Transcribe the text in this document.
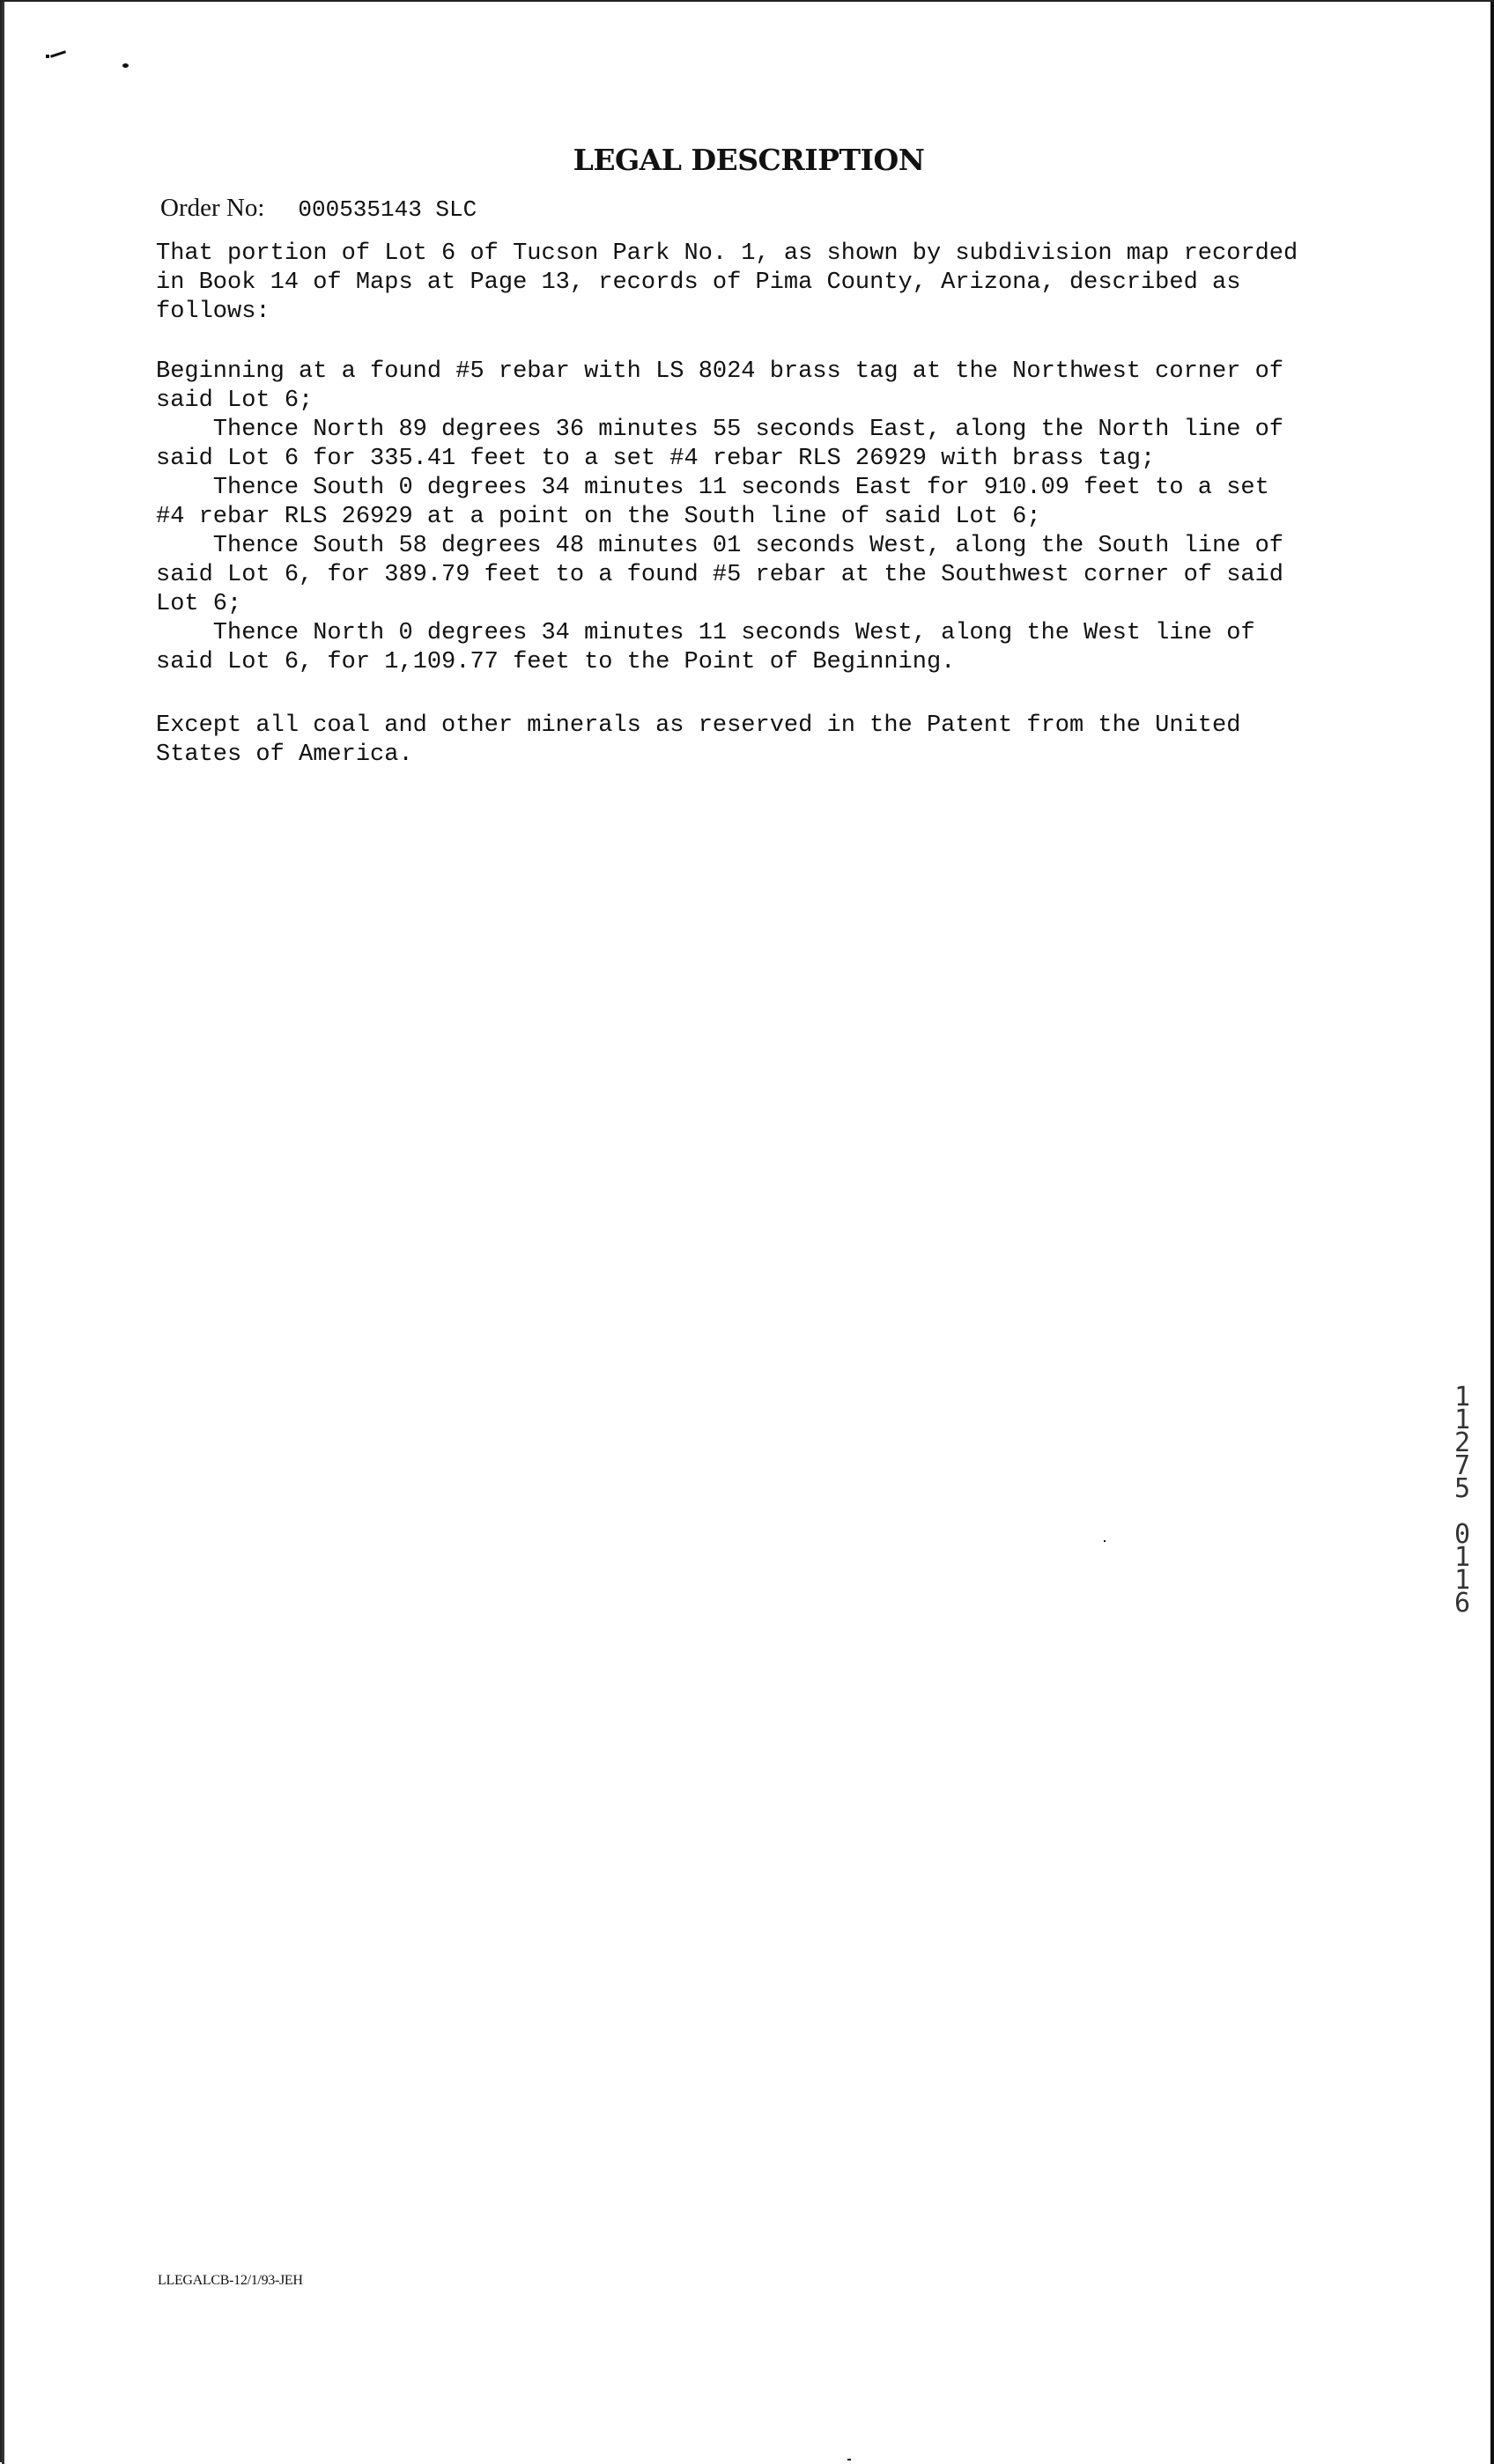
LEGAL DESCRIPTION
Order No: 000535143 SLC
That portion of Lot 6 of Tucson Park No. 1, as shown by subdivision map recorded
in Book 14 of Maps at Page 13, records of Pima County, Arizona, described as
follows:
Beginning at a found #5 rebar with LS 8024 brass tag at the Northwest corner of
said Lot 6;
Thence North 89 degrees 36 minutes 55 seconds East, along the North line of
said Lot 6 for 335.41 feet to a set #4 rebar RLS 26929 with brass tag;
Thence South 0 degrees 34 minutes 11 seconds East for 910.09 feet to a set
#4 rebar RLS 26929 at a point on the South line of said Lot 6;
Thence South 58 degrees 48 minutes 01 seconds West, along the South line of
said Lot 6, for 389.79 feet to a found #5 rebar at the Southwest corner of said
Lot 6;
Thence North 0 degrees 34 minutes 11 seconds West, along the West line of
said Lot 6, for 1,109.77 feet to the Point of Beginning.
Except all coal and other minerals as reserved in the Patent from the United
States of America.
LLEGALCB-12/1/93-JEH
1
1
2
7
5
0
1
1
6
